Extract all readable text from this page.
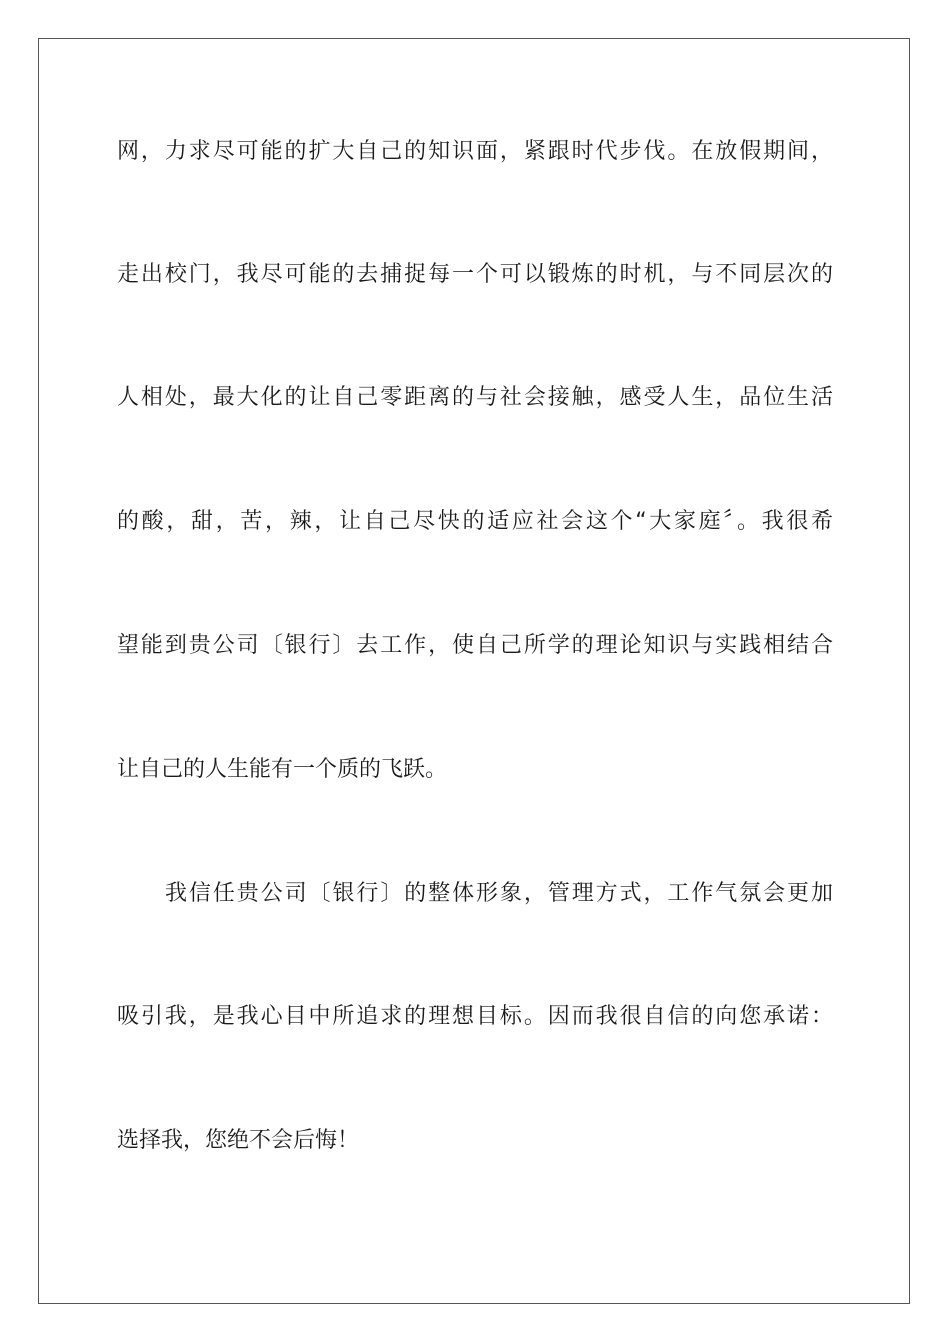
网，力求尽可能的扩大自己的知识面，紧跟时代步伐。在放假期间，
走出校门，我尽可能的去捕捉每一个可以锻炼的时机，与不同层次的
人相处，最大化的让自己零距离的与社会接触，感受人生，品位生活
的酸，甜，苦，辣，让自己尽快的适应社会这个“大家庭〞。我很希
望能到贵公司〔银行〕去工作，使自己所学的理论知识与实践相结合
让自己的人生能有一个质的飞跃。
我信任贵公司〔银行〕的整体形象，管理方式，工作气氛会更加
吸引我，是我心目中所追求的理想目标。因而我很自信的向您承诺：
选择我，您绝不会后悔！
